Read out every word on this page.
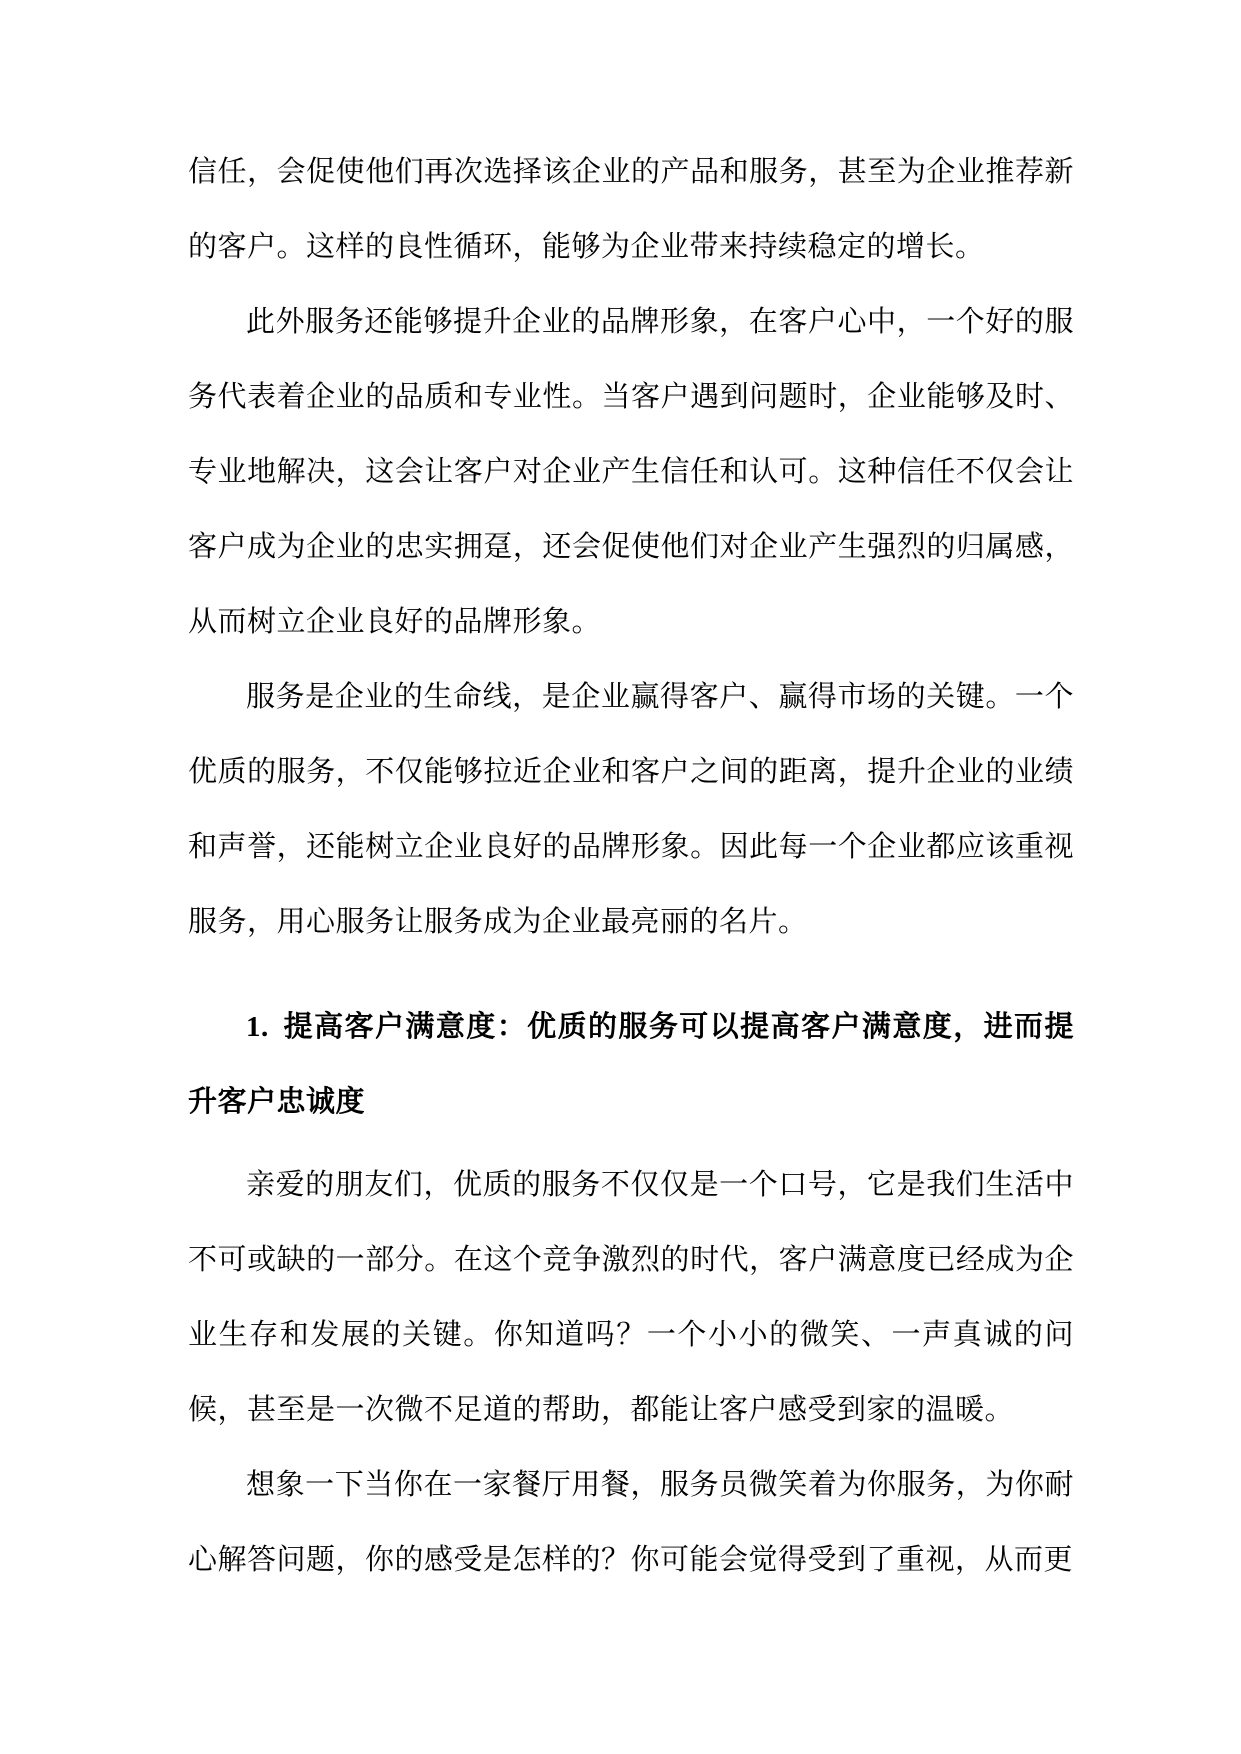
信任，会促使他们再次选择该企业的产品和服务，甚至为企业推荐新的客户。这样的良性循环，能够为企业带来持续稳定的增长。

此外服务还能够提升企业的品牌形象，在客户心中，一个好的服务代表着企业的品质和专业性。当客户遇到问题时，企业能够及时、专业地解决，这会让客户对企业产生信任和认可。这种信任不仅会让客户成为企业的忠实拥趸，还会促使他们对企业产生强烈的归属感，从而树立企业良好的品牌形象。

服务是企业的生命线，是企业赢得客户、赢得市场的关键。一个优质的服务，不仅能够拉近企业和客户之间的距离，提升企业的业绩和声誉，还能树立企业良好的品牌形象。因此每一个企业都应该重视服务，用心服务让服务成为企业最亮丽的名片。

1. 提高客户满意度：优质的服务可以提高客户满意度，进而提升客户忠诚度

亲爱的朋友们，优质的服务不仅仅是一个口号，它是我们生活中不可或缺的一部分。在这个竞争激烈的时代，客户满意度已经成为企业生存和发展的关键。你知道吗？一个小小的微笑、一声真诚的问候，甚至是一次微不足道的帮助，都能让客户感受到家的温暖。

想象一下当你在一家餐厅用餐，服务员微笑着为你服务，为你耐心解答问题，你的感受是怎样的？你可能会觉得受到了重视，从而更
